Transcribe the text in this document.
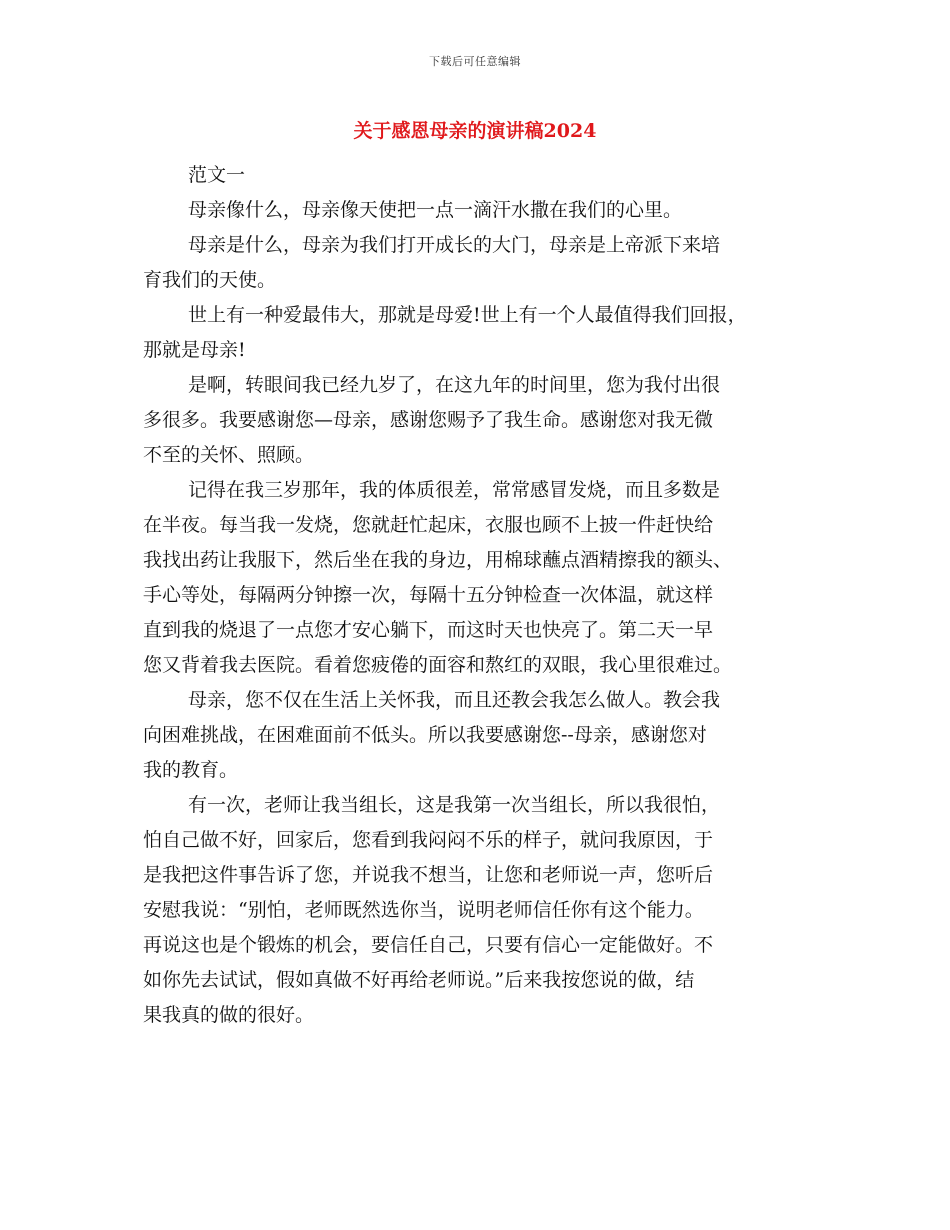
下载后可任意编辑
关于感恩母亲的演讲稿2024
范文一
母亲像什么，母亲像天使把一点一滴汗水撒在我们的心里。
母亲是什么，母亲为我们打开成长的大门，母亲是上帝派下来培
育我们的天使。
世上有一种爱最伟大，那就是母爱!世上有一个人最值得我们回报，
那就是母亲!
是啊，转眼间我已经九岁了，在这九年的时间里，您为我付出很
多很多。我要感谢您—母亲，感谢您赐予了我生命。感谢您对我无微
不至的关怀、照顾。
记得在我三岁那年，我的体质很差，常常感冒发烧，而且多数是
在半夜。每当我一发烧，您就赶忙起床，衣服也顾不上披一件赶快给
我找出药让我服下，然后坐在我的身边，用棉球蘸点酒精擦我的额头、
手心等处，每隔两分钟擦一次，每隔十五分钟检查一次体温，就这样
直到我的烧退了一点您才安心躺下，而这时天也快亮了。第二天一早
您又背着我去医院。看着您疲倦的面容和熬红的双眼，我心里很难过。
母亲，您不仅在生活上关怀我，而且还教会我怎么做人。教会我
向困难挑战，在困难面前不低头。所以我要感谢您--母亲，感谢您对
我的教育。
有一次，老师让我当组长，这是我第一次当组长，所以我很怕，
怕自己做不好，回家后，您看到我闷闷不乐的样子，就问我原因，于
是我把这件事告诉了您，并说我不想当，让您和老师说一声，您听后
安慰我说：“别怕，老师既然选你当，说明老师信任你有这个能力。
再说这也是个锻炼的机会，要信任自己，只要有信心一定能做好。不
如你先去试试，假如真做不好再给老师说。”后来我按您说的做，结
果我真的做的很好。
